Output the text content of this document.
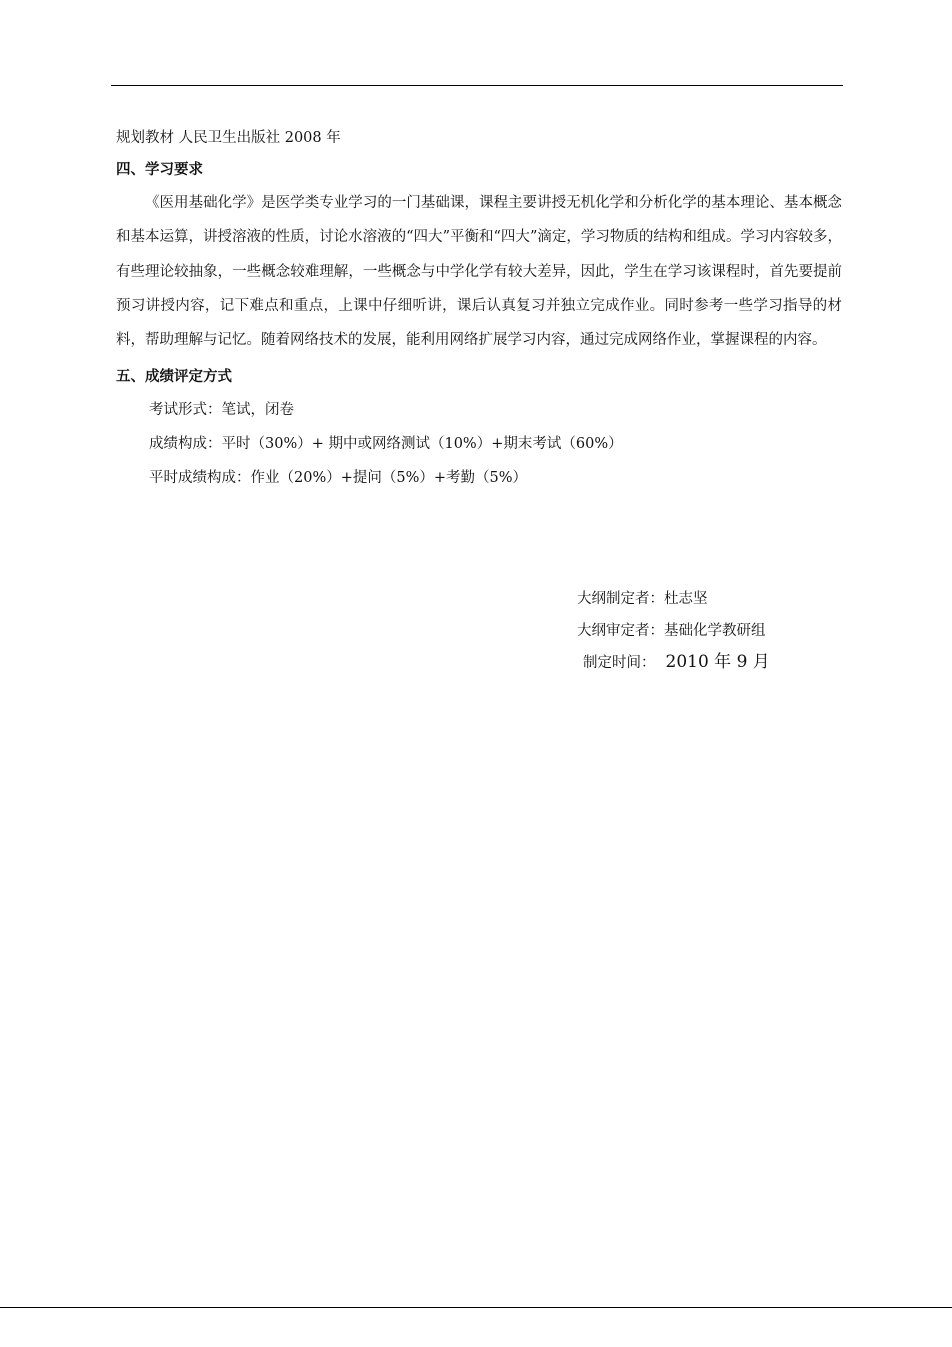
规划教材 人民卫生出版社 2008 年
四、学习要求

《医用基础化学》是医学类专业学习的一门基础课，课程主要讲授无机化学和分析化学的基本理论、基本概念和基本运算，讲授溶液的性质，讨论水溶液的“四大”平衡和“四大”滴定，学习物质的结构和组成。学习内容较多，有些理论较抽象，一些概念较难理解，一些概念与中学化学有较大差异，因此，学生在学习该课程时，首先要提前预习讲授内容，记下难点和重点，上课中仔细听讲，课后认真复习并独立完成作业。同时参考一些学习指导的材料，帮助理解与记忆。随着网络技术的发展，能利用网络扩展学习内容，通过完成网络作业，掌握课程的内容。

五、成绩评定方式
考试形式：笔试，闭卷
成绩构成：平时（30%）+ 期中或网络测试（10%）+期末考试（60%）
平时成绩构成：作业（20%）+提问（5%）+考勤（5%）
大纲制定者：杜志坚
大纲审定者：基础化学教研组
制定时间： 2010 年 9 月
